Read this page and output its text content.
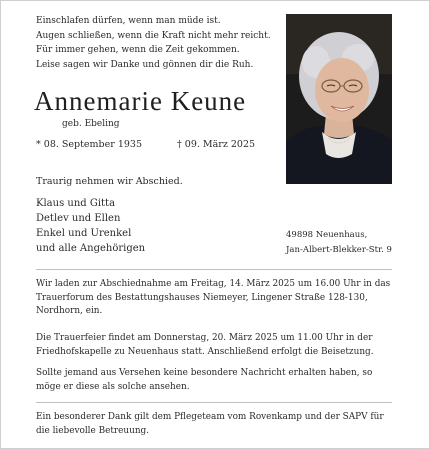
Einschlafen dürfen, wenn man müde ist.
Augen schließen, wenn die Kraft nicht mehr reicht.
Für immer gehen, wenn die Zeit gekommen.
Leise sagen wir Danke und gönnen dir die Ruh.
Annemarie Keune
geb. Ebeling
* 08. September 1935	† 09. März 2025
Traurig nehmen wir Abschied.
Klaus und Gitta
Detlev und Ellen
Enkel und Urenkel
und alle Angehörigen
49898 Neuenhaus,
Jan-Albert-Blekker-Str. 9
Wir laden zur Abschiednahme am Freitag, 14. März 2025 um 16.00 Uhr in das Trauerforum des Bestattungshauses Niemeyer, Lingener Straße 128-130, Nordhorn, ein.
Die Trauerfeier findet am Donnerstag, 20. März 2025 um 11.00 Uhr in der Friedhofskapelle zu Neuenhaus statt. Anschließend erfolgt die Beisetzung.
Sollte jemand aus Versehen keine besondere Nachricht erhalten haben, so möge er diese als solche ansehen.
Ein besonderer Dank gilt dem Pflegeteam vom Rovenkamp und der SAPV für die liebevolle Betreuung.
